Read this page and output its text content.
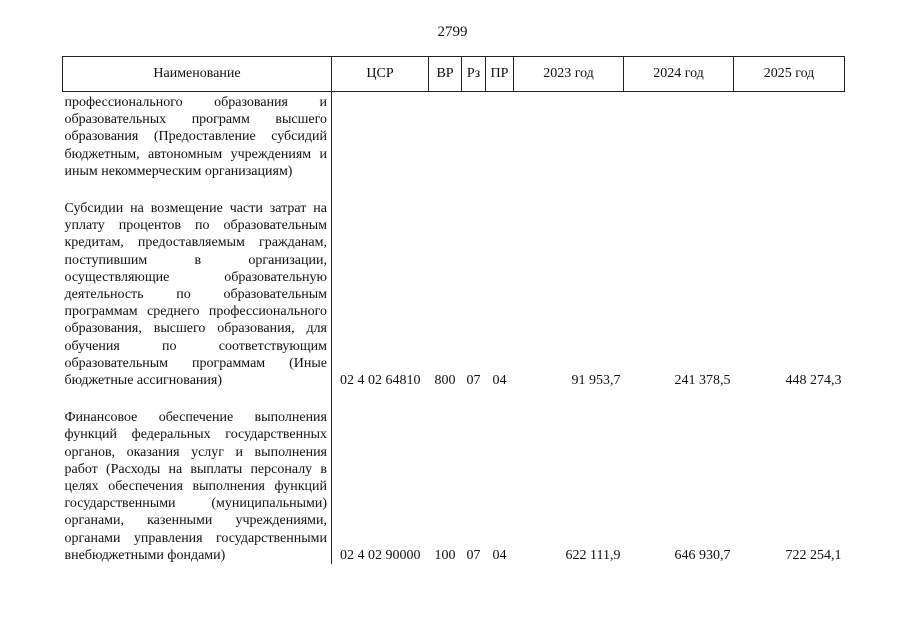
2799
Наименование	ЦСР	ВР	Рз	ПР	2023 год	2024 год	2025 год
профессионального образования и образовательных программ высшего образования (Предоставление субсидий бюджетным, автономным учреждениям и иным некоммерческим организациям)							

Субсидии на возмещение части затрат на уплату процентов по образовательным кредитам, предоставляемым гражданам, поступившим в организации, осуществляющие образовательную деятельность по образовательным программам среднего профессионального образования, высшего образования, для обучения по соответствующим образовательным программам (Иные бюджетные ассигнования)	02 4 02 64810	800	07	04	91 953,7	241 378,5	448 274,3

Финансовое обеспечение выполнения функций федеральных государственных органов, оказания услуг и выполнения работ (Расходы на выплаты персоналу в целях обеспечения выполнения функций государственными (муниципальными) органами, казенными учреждениями, органами управления государственными внебюджетными фондами)	02 4 02 90000	100	07	04	622 111,9	646 930,7	722 254,1
